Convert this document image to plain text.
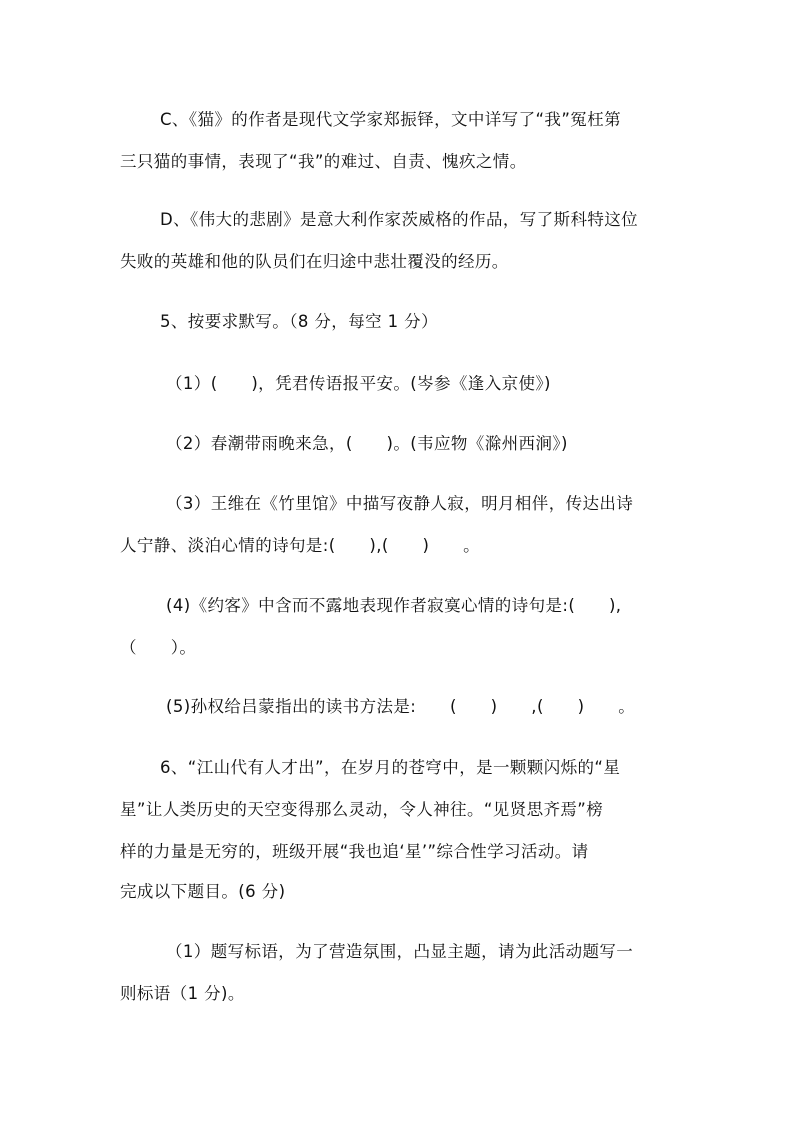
C、《猫》的作者是现代文学家郑振铎，文中详写了“我”冤枉第
三只猫的事情，表现了“我”的难过、自责、愧疚之情。
D、《伟大的悲剧》是意大利作家茨威格的作品，写了斯科特这位
失败的英雄和他的队员们在归途中悲壮覆没的经历。
5、按要求默写。（8 分，每空 1 分）
（1）(　　)，凭君传语报平安。(岑参《逢入京使》)
（2）春潮带雨晚来急，(　　)。(韦应物《滁州西涧》)
（3）王维在《竹里馆》中描写夜静人寂，明月相伴，传达出诗
人宁静、淡泊心情的诗句是:(　　),(　　)　　。
(4)《约客》中含而不露地表现作者寂寞心情的诗句是:(　　),
（　　）。
(5)孙权给吕蒙指出的读书方法是:　　(　　)　　,(　　)　　。
6、“江山代有人才出”，在岁月的苍穹中，是一颗颗闪烁的“星
星”让人类历史的天空变得那么灵动，令人神往。“见贤思齐焉”榜
样的力量是无穷的，班级开展“我也追‘星’”综合性学习活动。请
完成以下题目。(6 分)
（1）题写标语，为了营造氛围，凸显主题，请为此活动题写一
则标语（1 分)。
